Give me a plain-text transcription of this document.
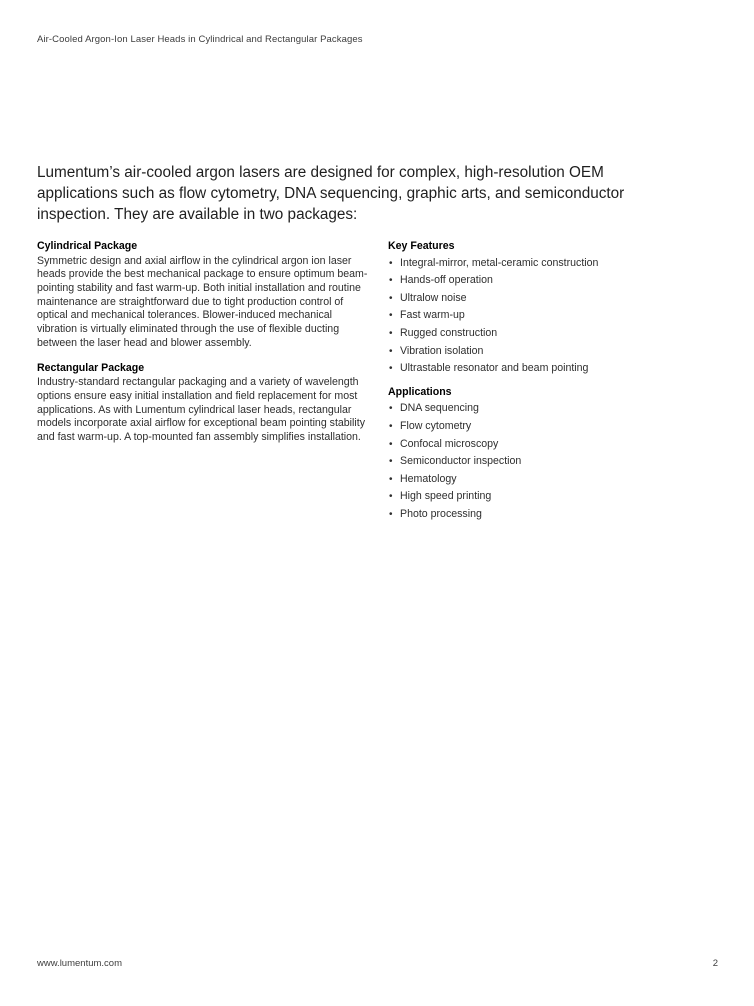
Air-Cooled Argon-Ion Laser Heads in Cylindrical and Rectangular Packages

Lumentum’s air-cooled argon lasers are designed for complex, high-resolution OEM applications such as flow cytometry, DNA sequencing, graphic arts, and semiconductor inspection. They are available in two packages:

Cylindrical Package

Symmetric design and axial airflow in the cylindrical argon ion laser heads provide the best mechanical package to ensure optimum beam-pointing stability and fast warm-up. Both initial installation and routine maintenance are straightforward due to tight production control of optical and mechanical tolerances. Blower-induced mechanical vibration is virtually eliminated through the use of flexible ducting between the laser head and blower assembly.

Rectangular Package

Industry-standard rectangular packaging and a variety of wavelength options ensure easy initial installation and field replacement for most applications. As with Lumentum cylindrical laser heads, rectangular models incorporate axial airflow for exceptional beam pointing stability and fast warm-up. A top-mounted fan assembly simplifies installation.

Key Features
• Integral-mirror, metal-ceramic construction
• Hands-off operation
• Ultralow noise
• Fast warm-up
• Rugged construction
• Vibration isolation
• Ultrastable resonator and beam pointing
Applications
• DNA sequencing
• Flow cytometry
• Confocal microscopy
• Semiconductor inspection
• Hematology
• High speed printing
• Photo processing
www.lumentum.com	2
